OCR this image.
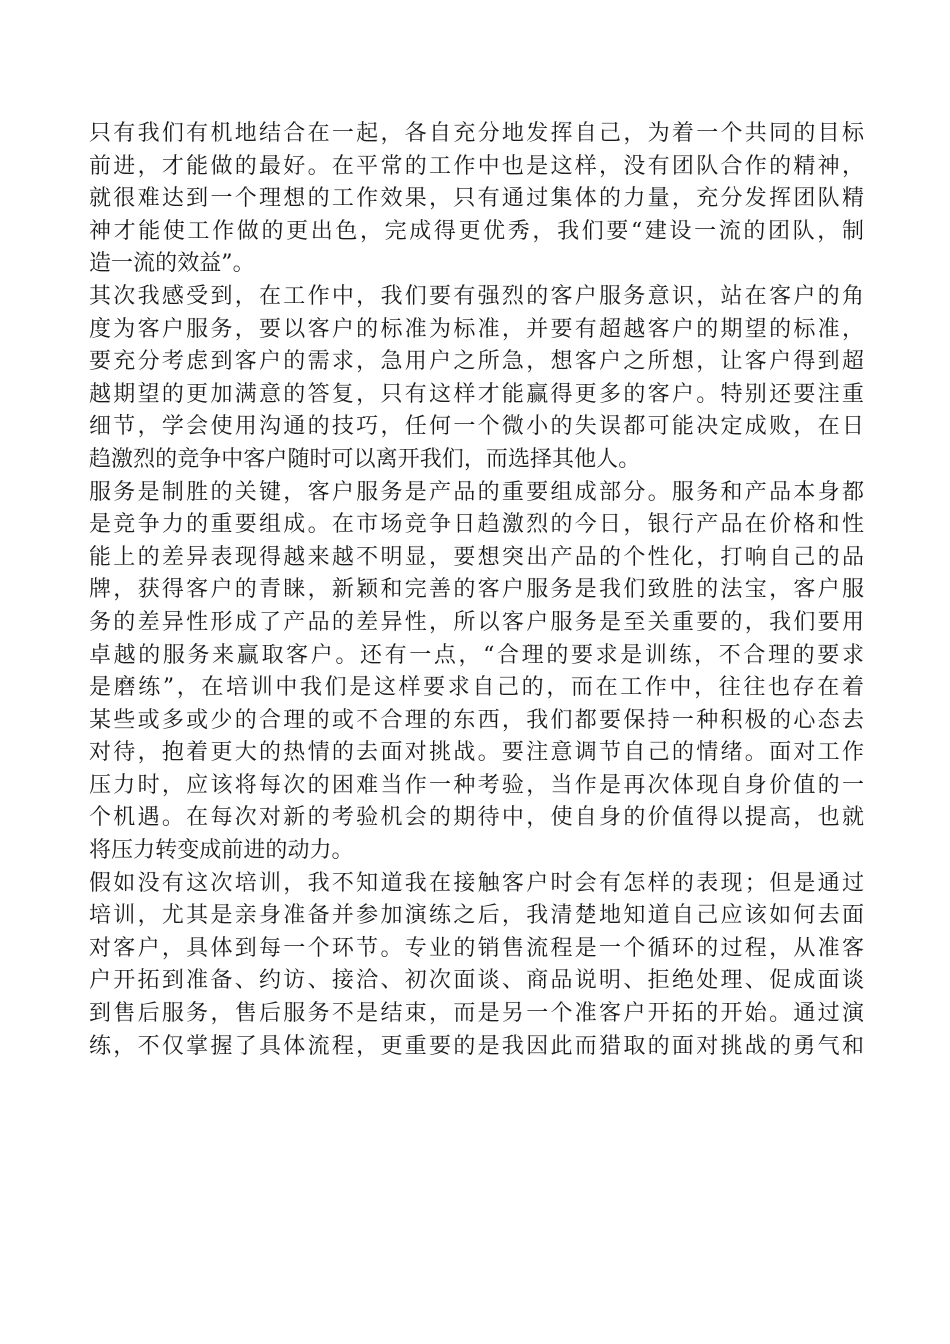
只有我们有机地结合在一起，各自充分地发挥自己，为着一个共同的目标
前进，才能做的最好。在平常的工作中也是这样，没有团队合作的精神，
就很难达到一个理想的工作效果，只有通过集体的力量，充分发挥团队精
神才能使工作做的更出色，完成得更优秀，我们要“建设一流的团队，制
造一流的效益”。
其次我感受到，在工作中，我们要有强烈的客户服务意识，站在客户的角
度为客户服务，要以客户的标准为标准，并要有超越客户的期望的标准，
要充分考虑到客户的需求，急用户之所急，想客户之所想，让客户得到超
越期望的更加满意的答复，只有这样才能赢得更多的客户。特别还要注重
细节，学会使用沟通的技巧，任何一个微小的失误都可能决定成败，在日
趋激烈的竞争中客户随时可以离开我们，而选择其他人。
服务是制胜的关键，客户服务是产品的重要组成部分。服务和产品本身都
是竞争力的重要组成。在市场竞争日趋激烈的今日，银行产品在价格和性
能上的差异表现得越来越不明显，要想突出产品的个性化，打响自己的品
牌，获得客户的青睐，新颖和完善的客户服务是我们致胜的法宝，客户服
务的差异性形成了产品的差异性，所以客户服务是至关重要的，我们要用
卓越的服务来赢取客户。还有一点，“合理的要求是训练，不合理的要求
是磨练”，在培训中我们是这样要求自己的，而在工作中，往往也存在着
某些或多或少的合理的或不合理的东西，我们都要保持一种积极的心态去
对待，抱着更大的热情的去面对挑战。要注意调节自己的情绪。面对工作
压力时，应该将每次的困难当作一种考验，当作是再次体现自身价值的一
个机遇。在每次对新的考验机会的期待中，使自身的价值得以提高，也就
将压力转变成前进的动力。
假如没有这次培训，我不知道我在接触客户时会有怎样的表现；但是通过
培训，尤其是亲身准备并参加演练之后，我清楚地知道自己应该如何去面
对客户，具体到每一个环节。专业的销售流程是一个循环的过程，从准客
户开拓到准备、约访、接洽、初次面谈、商品说明、拒绝处理、促成面谈
到售后服务，售后服务不是结束，而是另一个准客户开拓的开始。通过演
练，不仅掌握了具体流程，更重要的是我因此而猎取的面对挑战的勇气和
